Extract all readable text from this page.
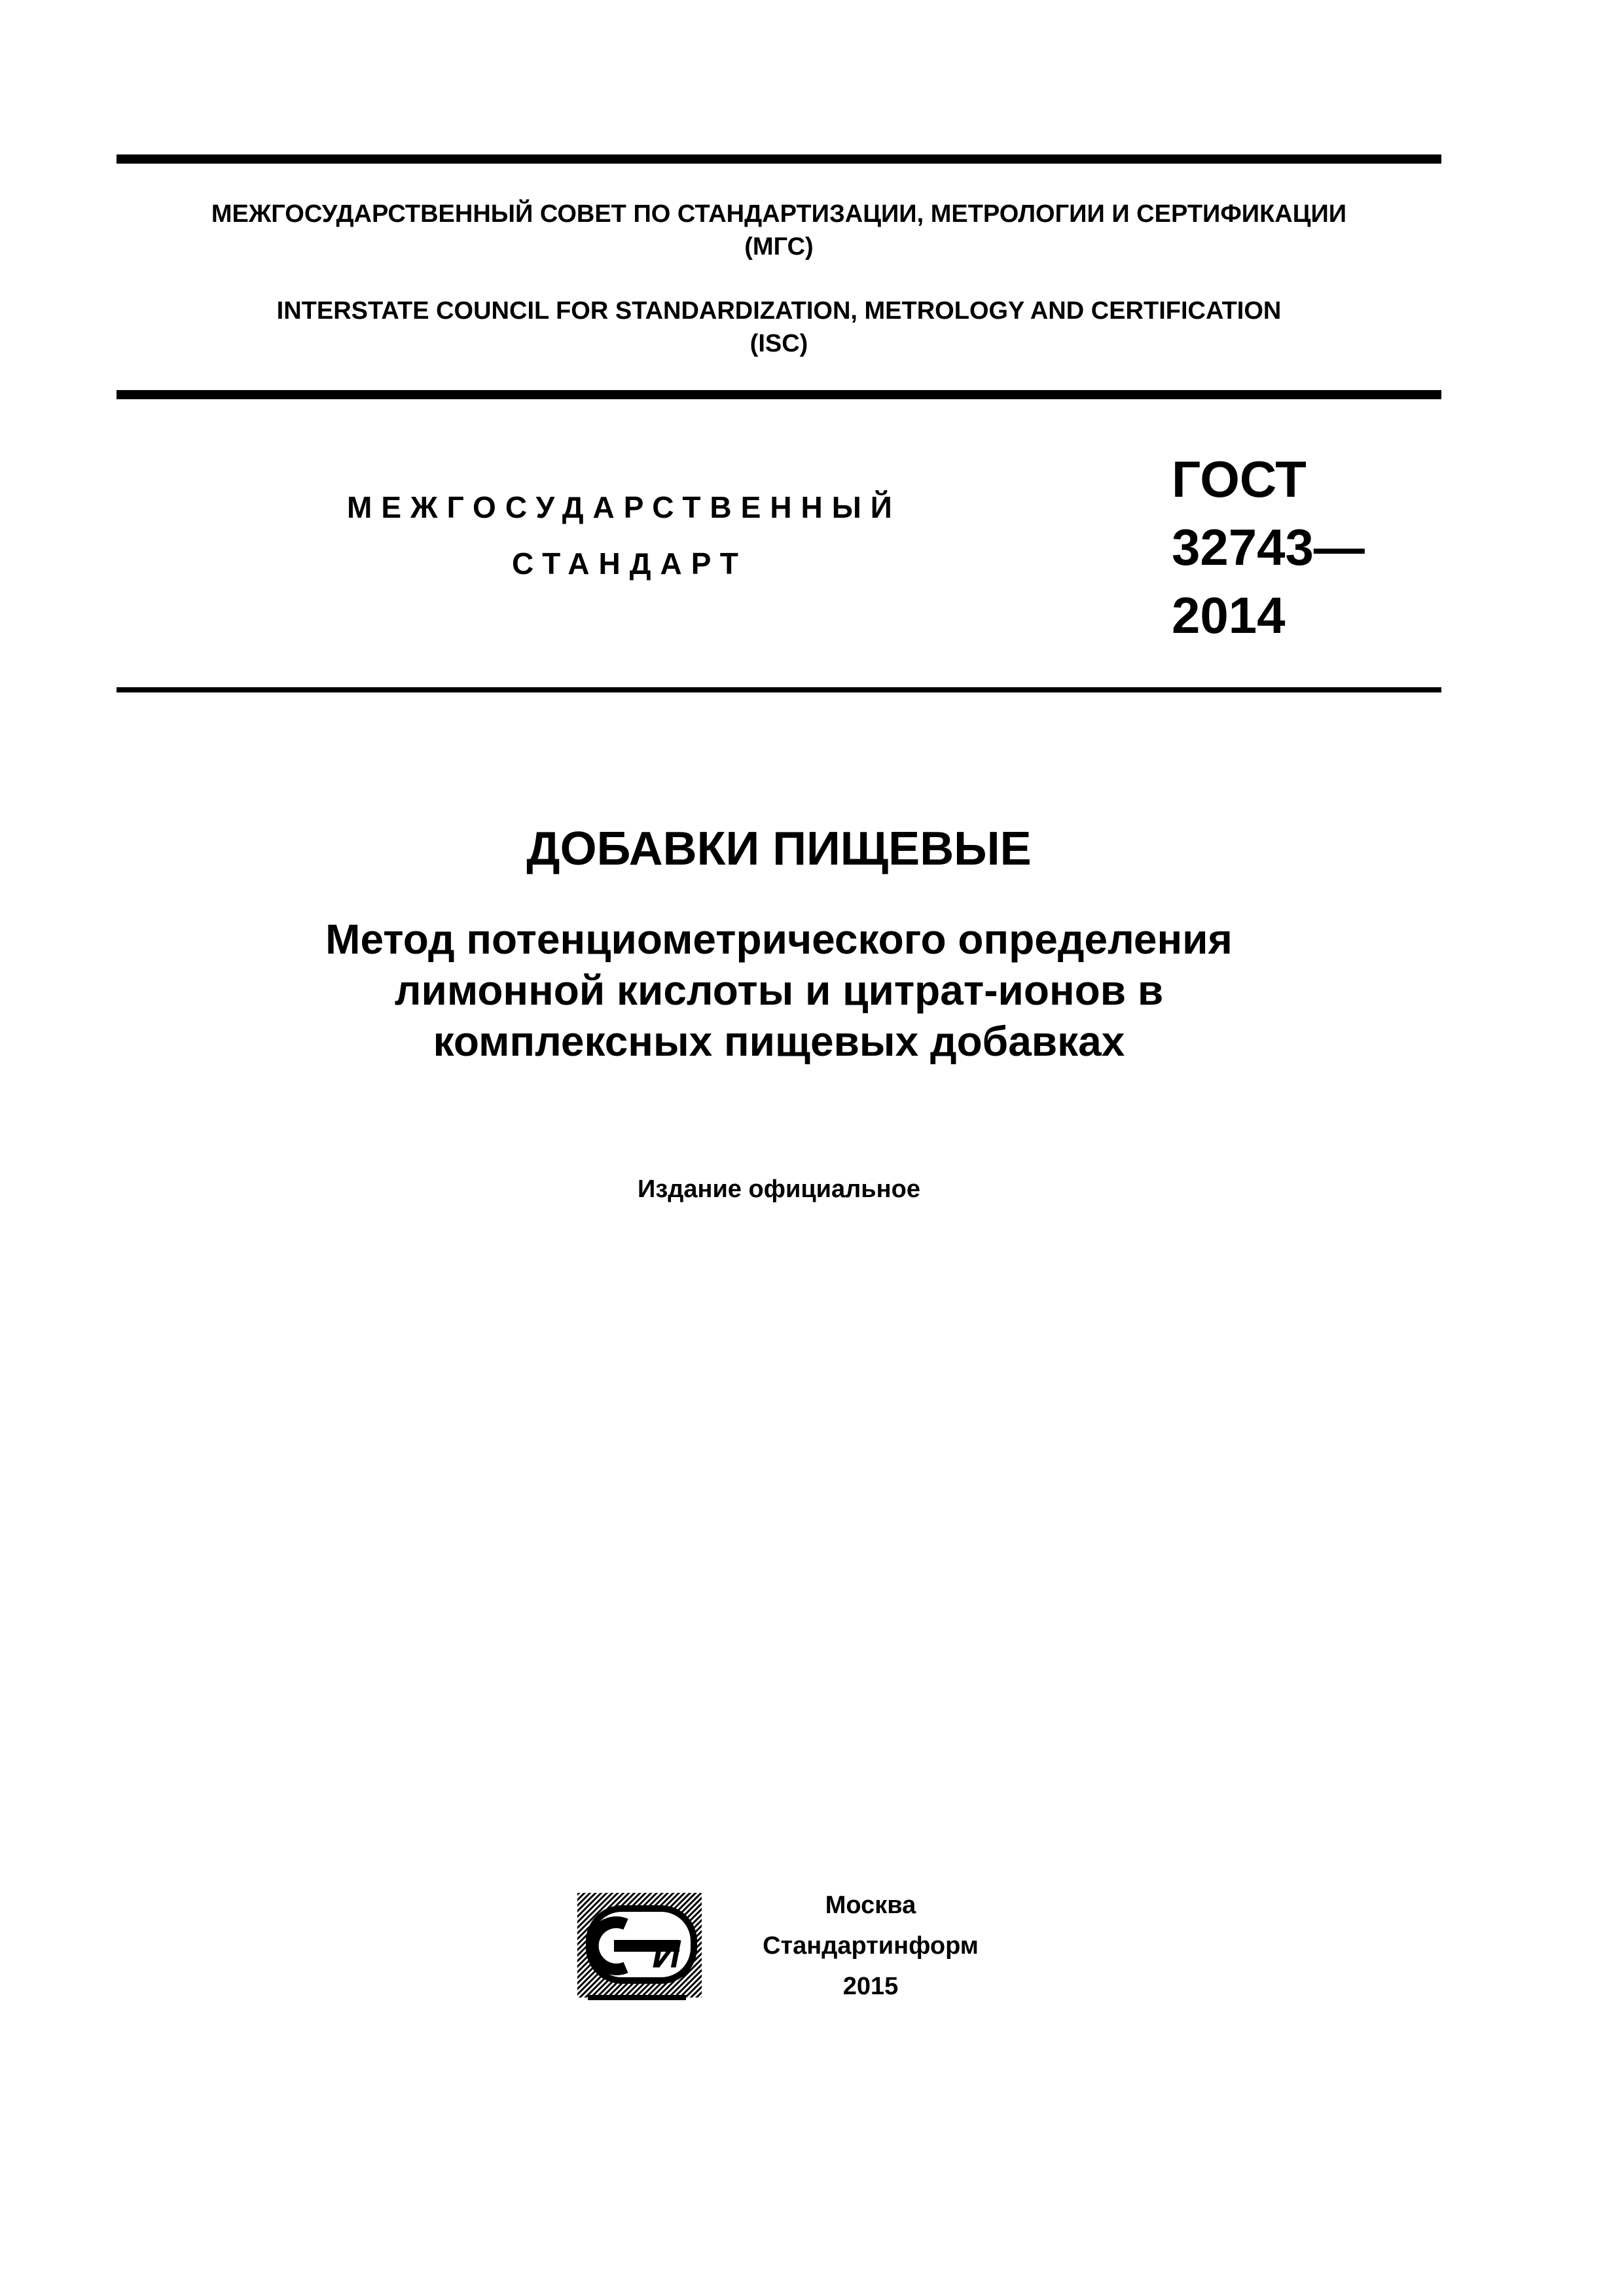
МЕЖГОСУДАРСТВЕННЫЙ СОВЕТ ПО СТАНДАРТИЗАЦИИ, МЕТРОЛОГИИ И СЕРТИФИКАЦИИ
(МГС)
INTERSTATE COUNCIL FOR STANDARDIZATION, METROLOGY AND CERTIFICATION
(ISC)
МЕЖГОСУДАРСТВЕННЫЙ
СТАНДАРТ
ГОСТ
32743—
2014
ДОБАВКИ ПИЩЕВЫЕ
Метод потенциометрического определения
лимонной кислоты и цитрат-ионов в
комплексных пищевых добавках
Издание официальное
И
Москва
Стандартинформ
2015
